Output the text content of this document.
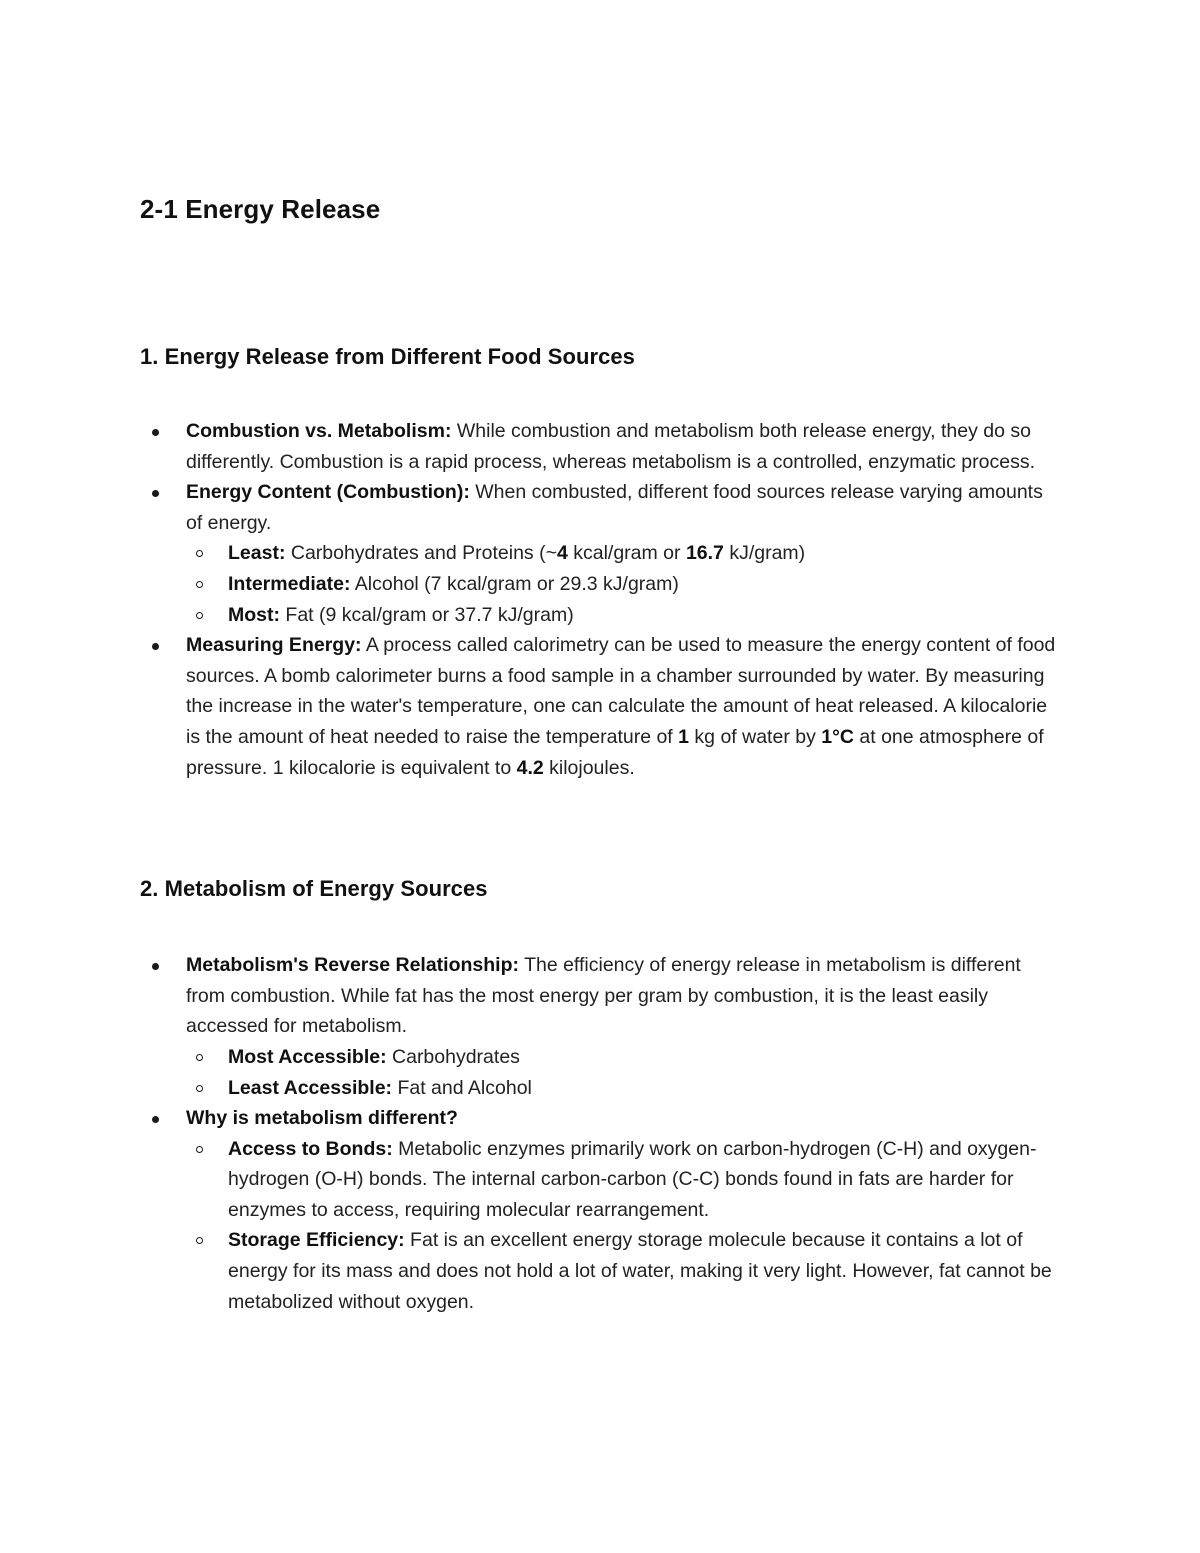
2-1 Energy Release
1. Energy Release from Different Food Sources
Combustion vs. Metabolism: While combustion and metabolism both release energy, they do so differently. Combustion is a rapid process, whereas metabolism is a controlled, enzymatic process.
Energy Content (Combustion): When combusted, different food sources release varying amounts of energy.
Least: Carbohydrates and Proteins (~4 kcal/gram or 16.7 kJ/gram)
Intermediate: Alcohol (7 kcal/gram or 29.3 kJ/gram)
Most: Fat (9 kcal/gram or 37.7 kJ/gram)
Measuring Energy: A process called calorimetry can be used to measure the energy content of food sources. A bomb calorimeter burns a food sample in a chamber surrounded by water. By measuring the increase in the water's temperature, one can calculate the amount of heat released. A kilocalorie is the amount of heat needed to raise the temperature of 1 kg of water by 1°C at one atmosphere of pressure. 1 kilocalorie is equivalent to 4.2 kilojoules.
2. Metabolism of Energy Sources
Metabolism's Reverse Relationship: The efficiency of energy release in metabolism is different from combustion. While fat has the most energy per gram by combustion, it is the least easily accessed for metabolism.
Most Accessible: Carbohydrates
Least Accessible: Fat and Alcohol
Why is metabolism different?
Access to Bonds: Metabolic enzymes primarily work on carbon-hydrogen (C-H) and oxygen-hydrogen (O-H) bonds. The internal carbon-carbon (C-C) bonds found in fats are harder for enzymes to access, requiring molecular rearrangement.
Storage Efficiency: Fat is an excellent energy storage molecule because it contains a lot of energy for its mass and does not hold a lot of water, making it very light. However, fat cannot be metabolized without oxygen.
